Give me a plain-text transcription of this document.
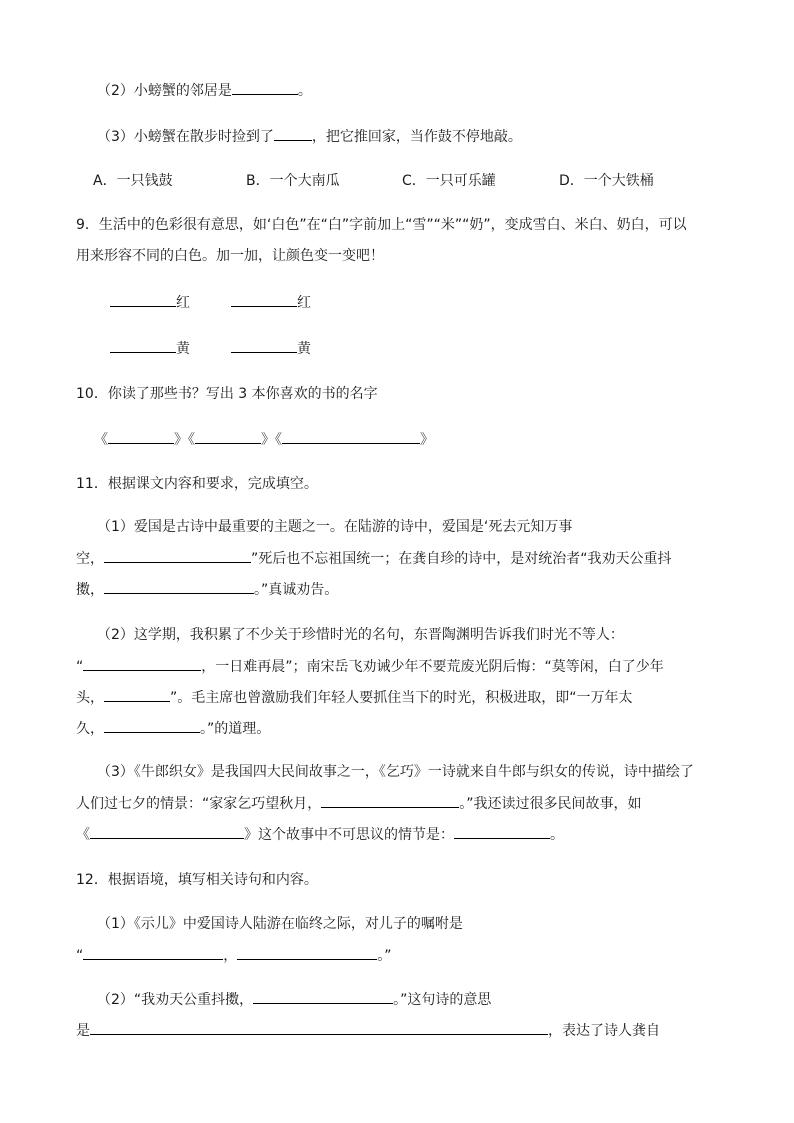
（2）小螃蟹的邻居是	。
（3）小螃蟹在散步时捡到了	，把它推回家，当作鼓不停地敲。
A．一只钱鼓	B．一个大南瓜	C．一只可乐罐	D．一个大铁桶
9．生活中的色彩很有意思，如‘白色”在“白”字前加上“雪”“米”“奶”，变成雪白、米白、奶白，可以
用来形容不同的白色。加一加，让颜色变一变吧！
红	红
黄	黄
10．你读了那些书？写出 3 本你喜欢的书的名字
《	》《	》《	》
11．根据课文内容和要求，完成填空。
（1）爱国是古诗中最重要的主题之一。在陆游的诗中，爱国是‘死去元知万事
空，	”死后也不忘祖国统一；在龚自珍的诗中，是对统治者“我劝天公重抖
擞，	。”真诚劝告。
（2）这学期，我积累了不少关于珍惜时光的名句，东晋陶渊明告诉我们时光不等人：
“	，一日难再晨”；南宋岳飞劝诫少年不要荒废光阴后悔：“莫等闲，白了少年
头，	”。毛主席也曾激励我们年轻人要抓住当下的时光，积极进取，即“一万年太
久，	。”的道理。
（3）《牛郎织女》是我国四大民间故事之一，《乞巧》一诗就来自牛郎与织女的传说，诗中描绘了
人们过七夕的情景：“家家乞巧望秋月，	。”我还读过很多民间故事，如
《	》这个故事中不可思议的情节是：	。
12．根据语境，填写相关诗句和内容。
（1）《示儿》中爱国诗人陆游在临终之际，对儿子的嘱咐是
“	，	。”
（2）“我劝天公重抖擞，	。”这句诗的意思
是	，表达了诗人龚自
